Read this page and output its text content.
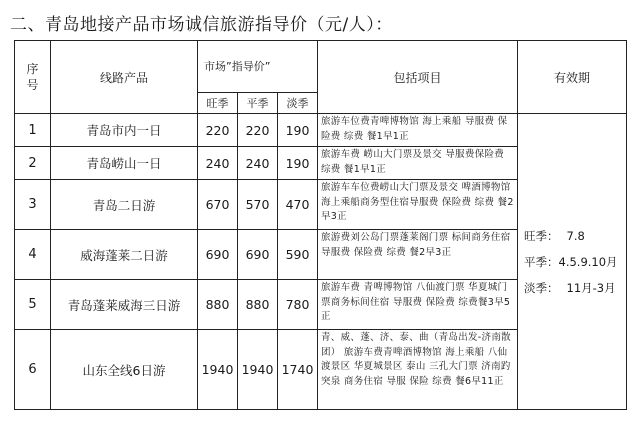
二、青岛地接产品市场诚信旅游指导价（元/人）：
序号	线路产品	市场”指导价”			包括项目	有效期
		旺季	平季	淡季		
1	青岛市内一日	220	220	190	旅游车位费青啤博物馆 海上乘船 导服费 保险费 综费 餐1早1正	旺季： 7.8
平季：4.5.9.10月
淡季： 11月-3月

2	青岛崂山一日	240	240	190	旅游车费 崂山大门票及景交 导服费保险费 综费 餐1早1正	
3	青岛二日游	670	570	470	旅游车车位费崂山大门票及景交 啤酒博物馆 海上乘船商务型住宿导服费 保险费 综费 餐2早3正	
4	威海蓬莱二日游	690	690	590	旅游费刘公岛门票蓬莱阁门票 标间商务住宿 导服费 保险费 综费 餐2早3正	
5	青岛蓬莱威海三日游	880	880	780	旅游车费 青啤博物馆 八仙渡门票 华夏城门票商务标间住宿 导服费 保险费 综费餐3早5正	
6	山东全线6日游	1940	1940	1740	青、威、蓬、济、泰、曲（青岛出发-济南散团） 旅游车费青啤酒博物馆 海上乘船 八仙渡景区 华夏城景区 泰山 三孔大门票 济南趵突泉 商务住宿 导服 保险 综费 餐6早11正	
